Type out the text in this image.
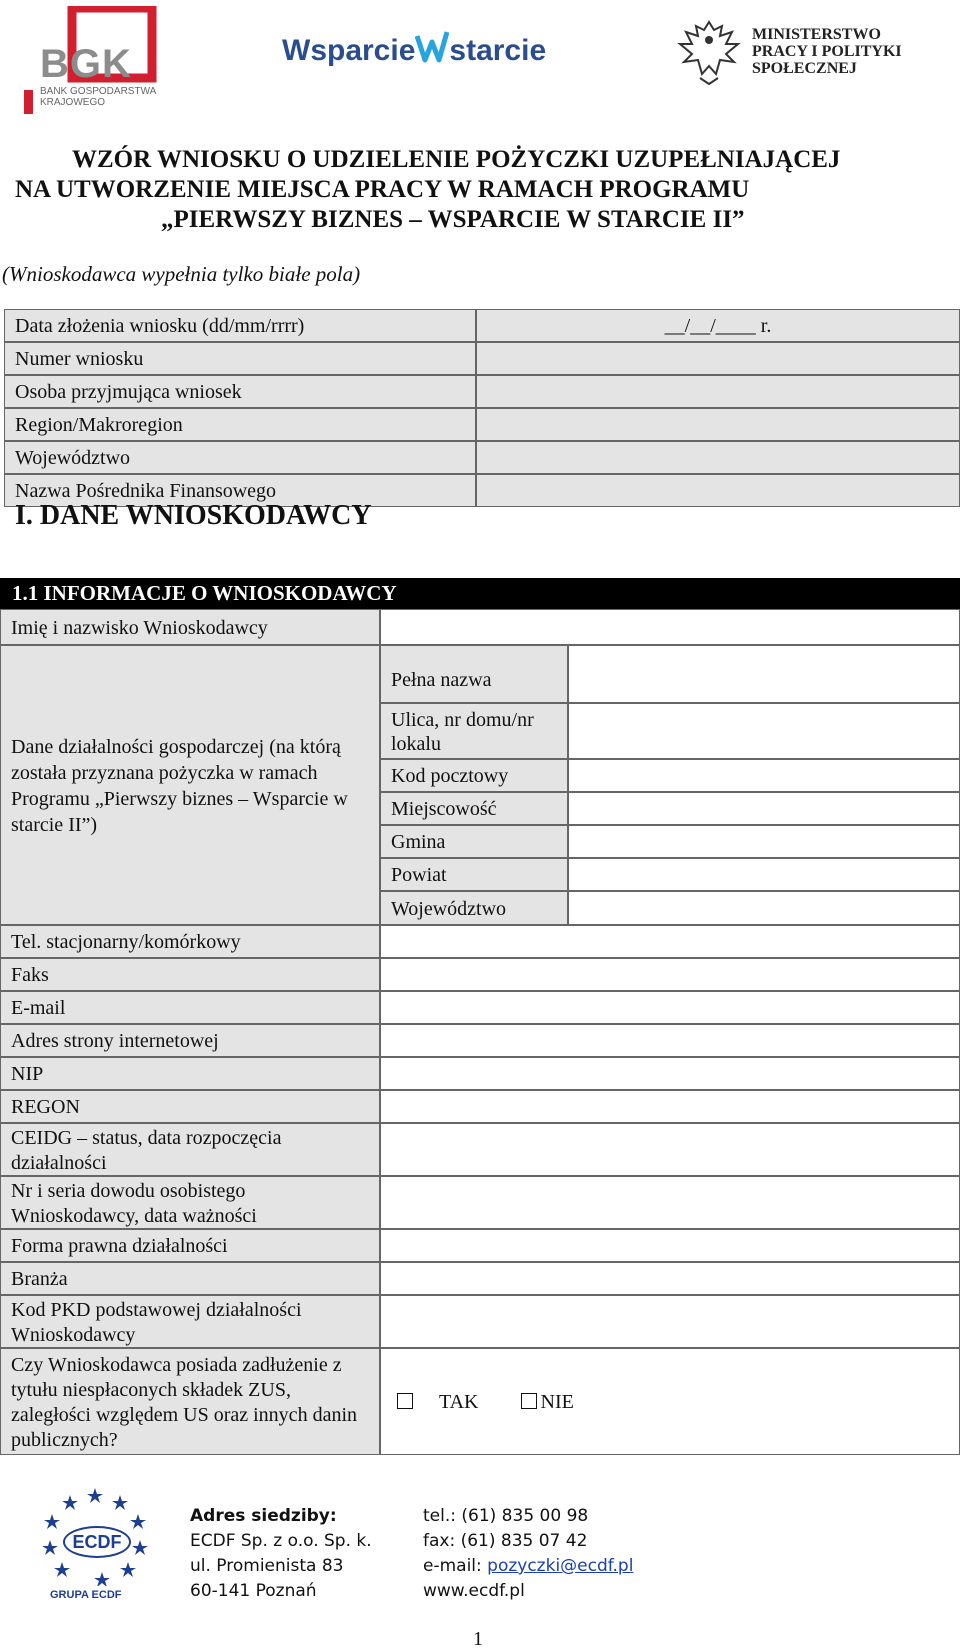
BGK
BANK GOSPODARSTWA
KRAJOWEGO
Wsparcie starcie	MINISTERSTWO
PRACY I POLITYKI
SPOŁECZNEJ
WZÓR WNIOSKU O UDZIELENIE POŻYCZKI UZUPEŁNIAJĄCEJ
NA UTWORZENIE MIEJSCA PRACY W RAMACH PROGRAMU
„PIERWSZY BIZNES – WSPARCIE W STARCIE II”
(Wnioskodawca wypełnia tylko białe pola)
Data złożenia wniosku (dd/mm/rrrr)	__/__/____ r.
Numer wniosku
Osoba przyjmująca wniosek
Region/Makroregion
Województwo
Nazwa Pośrednika Finansowego
I. DANE WNIOSKODAWCY
1.1 INFORMACJE O WNIOSKODAWCY
Imię i nazwisko Wnioskodawcy
Dane działalności gospodarczej (na którą została przyznana pożyczka w ramach Programu „Pierwszy biznes – Wsparcie w starcie II”)
Pełna nazwa
Ulica, nr domu/nr lokalu
Kod pocztowy
Miejscowość
Gmina
Powiat
Województwo
Tel. stacjonarny/komórkowy
Faks
E-mail
Adres strony internetowej
NIP
REGON
CEIDG – status, data rozpoczęcia działalności
Nr i seria dowodu osobistego Wnioskodawcy, data ważności
Forma prawna działalności
Branża
Kod PKD podstawowej działalności Wnioskodawcy
Czy Wnioskodawca posiada zadłużenie z tytułu niespłaconych składek ZUS, zaległości względem US oraz innych danin publicznych?
TAK	NIE
ECDF
GRUPA ECDF
Adres siedziby:
ECDF Sp. z o.o. Sp. k.
ul. Promienista 83
60-141 Poznań
tel.: (61) 835 00 98
fax: (61) 835 07 42
e-mail: pozyczki@ecdf.pl
www.ecdf.pl
1
